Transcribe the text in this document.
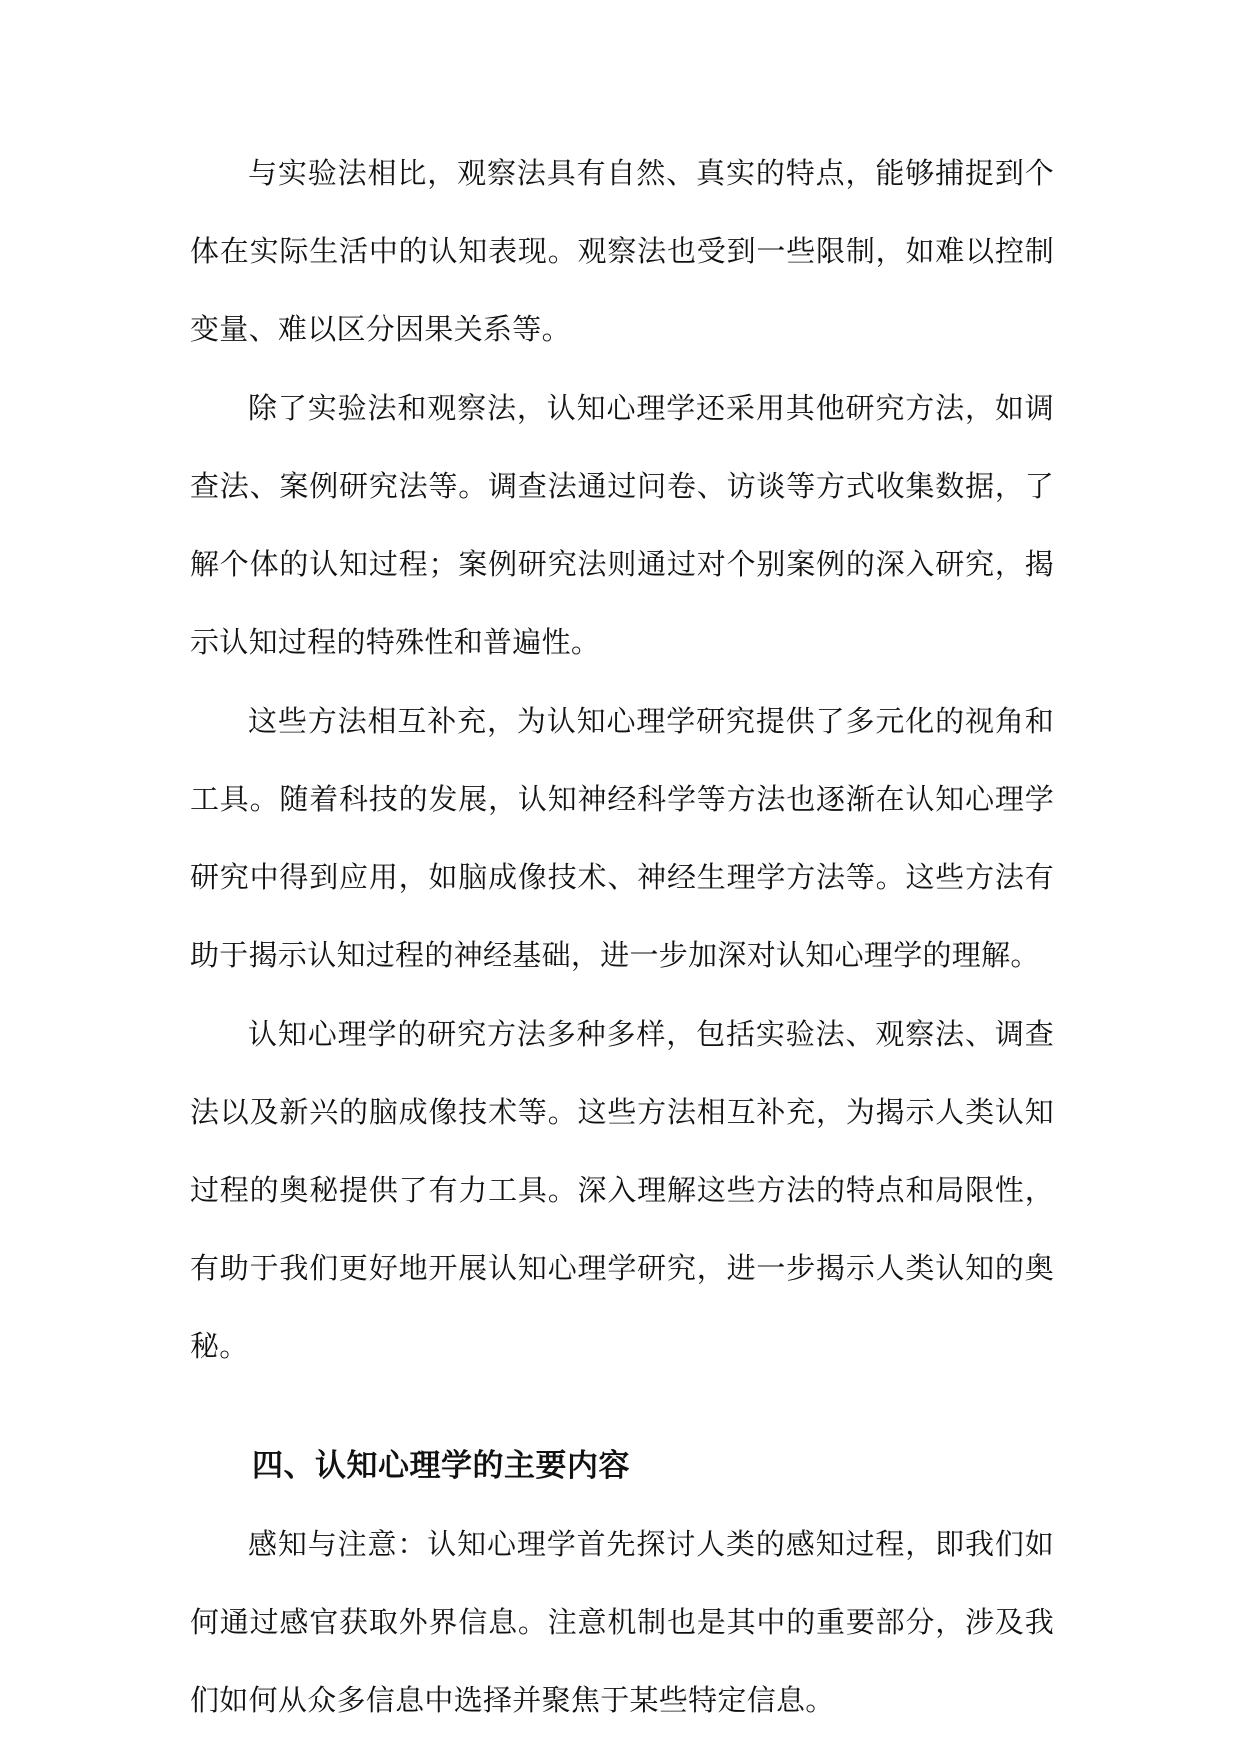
与实验法相比，观察法具有自然、真实的特点，能够捕捉到个体在实际生活中的认知表现。观察法也受到一些限制，如难以控制变量、难以区分因果关系等。

除了实验法和观察法，认知心理学还采用其他研究方法，如调查法、案例研究法等。调查法通过问卷、访谈等方式收集数据，了解个体的认知过程；案例研究法则通过对个别案例的深入研究，揭示认知过程的特殊性和普遍性。

这些方法相互补充，为认知心理学研究提供了多元化的视角和工具。随着科技的发展，认知神经科学等方法也逐渐在认知心理学研究中得到应用，如脑成像技术、神经生理学方法等。这些方法有助于揭示认知过程的神经基础，进一步加深对认知心理学的理解。

认知心理学的研究方法多种多样，包括实验法、观察法、调查法以及新兴的脑成像技术等。这些方法相互补充，为揭示人类认知过程的奥秘提供了有力工具。深入理解这些方法的特点和局限性，有助于我们更好地开展认知心理学研究，进一步揭示人类认知的奥秘。

四、认知心理学的主要内容

感知与注意：认知心理学首先探讨人类的感知过程，即我们如何通过感官获取外界信息。注意机制也是其中的重要部分，涉及我们如何从众多信息中选择并聚焦于某些特定信息。
